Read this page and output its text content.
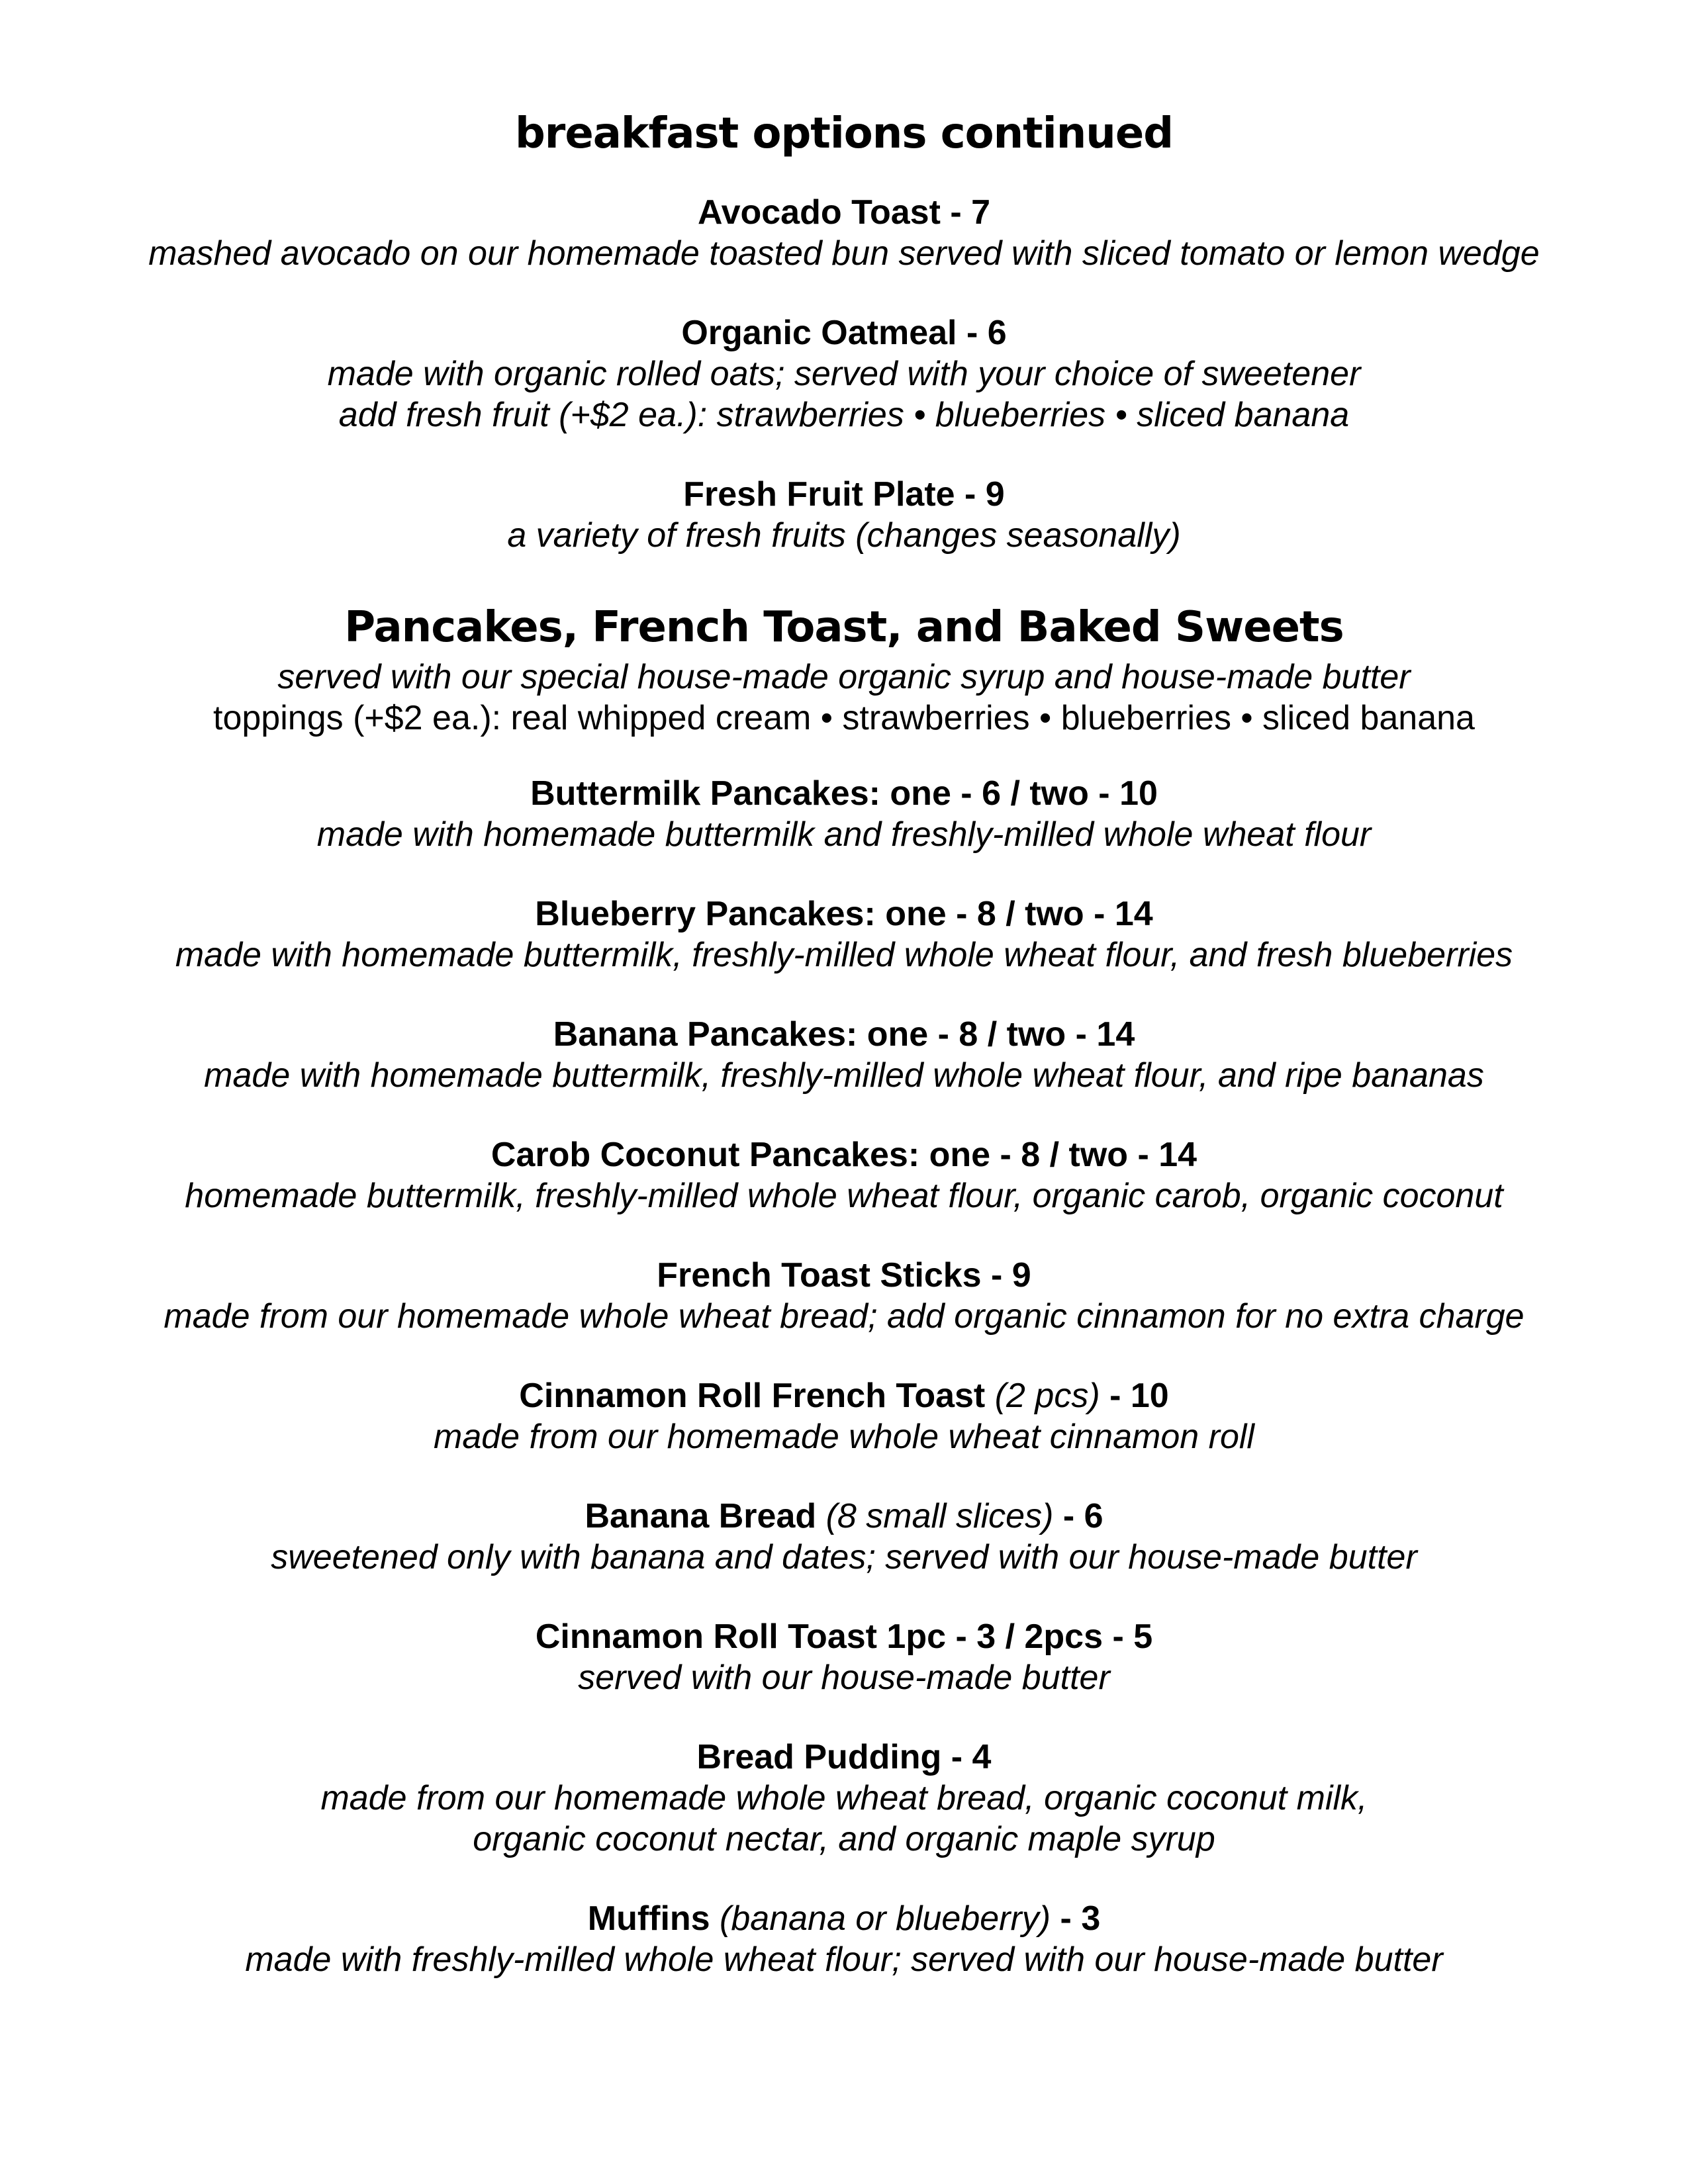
breakfast options continued

Avocado Toast - 7

mashed avocado on our homemade toasted bun served with sliced tomato or lemon wedge

Organic Oatmeal - 6

made with organic rolled oats; served with your choice of sweetener

add fresh fruit (+$2 ea.): strawberries • blueberries • sliced banana

Fresh Fruit Plate - 9

a variety of fresh fruits (changes seasonally)

Pancakes, French Toast, and Baked Sweets

served with our special house-made organic syrup and house-made butter

toppings (+$2 ea.): real whipped cream • strawberries • blueberries • sliced banana

Buttermilk Pancakes: one - 6 / two - 10

made with homemade buttermilk and freshly-milled whole wheat flour

Blueberry Pancakes: one - 8 / two - 14

made with homemade buttermilk, freshly-milled whole wheat flour, and fresh blueberries

Banana Pancakes: one - 8 / two - 14

made with homemade buttermilk, freshly-milled whole wheat flour, and ripe bananas

Carob Coconut Pancakes: one - 8 / two - 14

homemade buttermilk, freshly-milled whole wheat flour, organic carob, organic coconut

French Toast Sticks - 9

made from our homemade whole wheat bread; add organic cinnamon for no extra charge

Cinnamon Roll French Toast (2 pcs) - 10

made from our homemade whole wheat cinnamon roll

Banana Bread (8 small slices) - 6

sweetened only with banana and dates; served with our house-made butter

Cinnamon Roll Toast 1pc - 3 / 2pcs - 5

served with our house-made butter

Bread Pudding - 4

made from our homemade whole wheat bread, organic coconut milk,

organic coconut nectar, and organic maple syrup

Muffins (banana or blueberry) - 3

made with freshly-milled whole wheat flour; served with our house-made butter
